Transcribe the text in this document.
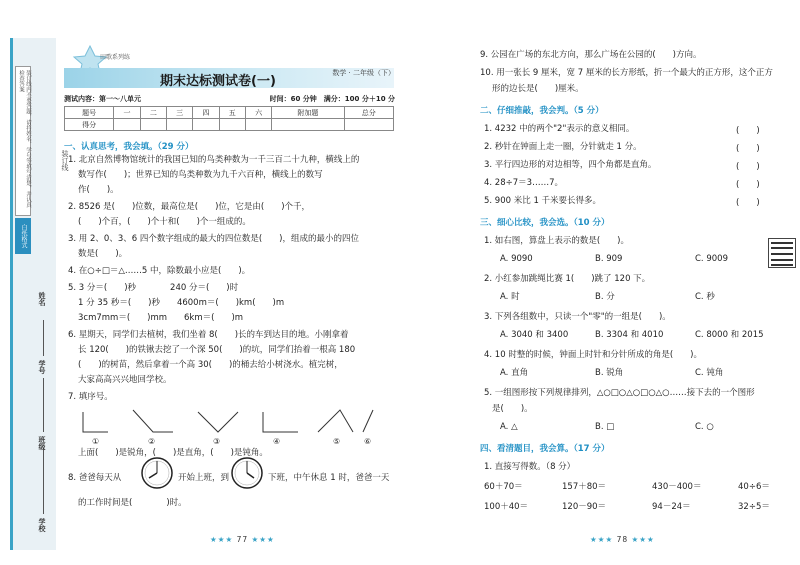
装订线内不要答题，请将姓名、学号等填写清楚，并认真检查答案
白纸格式
学校
班级
学号
姓名
装订线
田歌系列练
期末达标测试卷(一)
数学 · 二年级（下）
测试内容：第一～八单元	时间：60 分钟　满分：100 分＋10 分
题号	一	二	三	四	五	六	附加题	总分
得分								
一、认真思考，我会填。（29 分）
1. 北京自然博物馆统计的我国已知的鸟类种数为一千三百二十九种，横线上的
数写作(　　)；世界已知的鸟类种数为九千六百种，横线上的数写
作(　　)。
2. 8526 是(　　)位数，最高位是(　　)位，它是由(　　)个千，
(　　)个百，(　　)个十和(　　)个一组成的。
3. 用 2、0、3、6 四个数字组成的最大的四位数是(　　)，组成的最小的四位
数是(　　)。
4. 在○÷□＝△……5 中，除数最小应是(　　)。
5. 3 分＝(　　)秒　　　　240 分＝(　　)时
1 分 35 秒＝(　　)秒　　4600m＝(　　)km(　　)m
3cm7mm＝(　　)mm　　6km＝(　　)m
6. 星期天，同学们去植树，我们坐着 8(　　)长的车到达目的地。小刚拿着
长 120(　　)的铁锹去挖了一个深 50(　　)的坑，同学们抬着一根高 180
(　　)的树苗，然后拿着一个高 30(　　)的桶去给小树浇水。植完树，
大家高高兴兴地回学校。
7. 填序号。
①	②	③	④	⑤	⑥
上面(　　)是锐角，(　　)是直角，(　　)是钝角。
8. 爸爸每天从	开始上班，到	下班，中午休息 1 时，爸爸一天
的工作时间是(　　　　)时。
★★★ 77 ★★★
9. 公园在广场的东北方向，那么广场在公园的(　　)方向。
10. 用一张长 9 厘米，宽 7 厘米的长方形纸，折一个最大的正方形，这个正方
形的边长是(　　)厘米。
二、仔细推敲，我会判。（5 分）
1. 4232 中的两个"2"表示的意义相同。	(　　)
2. 秒针在钟面上走一圈，分针就走 1 分。	(　　)
3. 平行四边形的对边相等，四个角都是直角。	(　　)
4. 28÷7＝3……7。	(　　)
5. 900 米比 1 千米要长得多。	(　　)
三、细心比较，我会选。（10 分）
1. 如右图，算盘上表示的数是(　　)。
A. 9090	B. 909	C. 9009
2. 小红参加跳绳比赛 1(　　)跳了 120 下。
A. 时	B. 分	C. 秒
3. 下列各组数中，只读一个"零"的一组是(　　)。
A. 3040 和 3400	B. 3304 和 4010	C. 8000 和 2015
4. 10 时整的时候，钟面上时针和分针所成的角是(　　)。
A. 直角	B. 锐角	C. 钝角
5. 一组图形按下列规律排列，△○□○△○□○△○……接下去的一个图形
是(　　)。
A. △	B. □	C. ○
四、看清题目，我会算。（17 分）
1. 直接写得数。（8 分）
60＋70＝	157＋80＝	430－400＝	40÷6＝
100＋40＝	120－90＝	94－24＝	32÷5＝
★★★ 78 ★★★
